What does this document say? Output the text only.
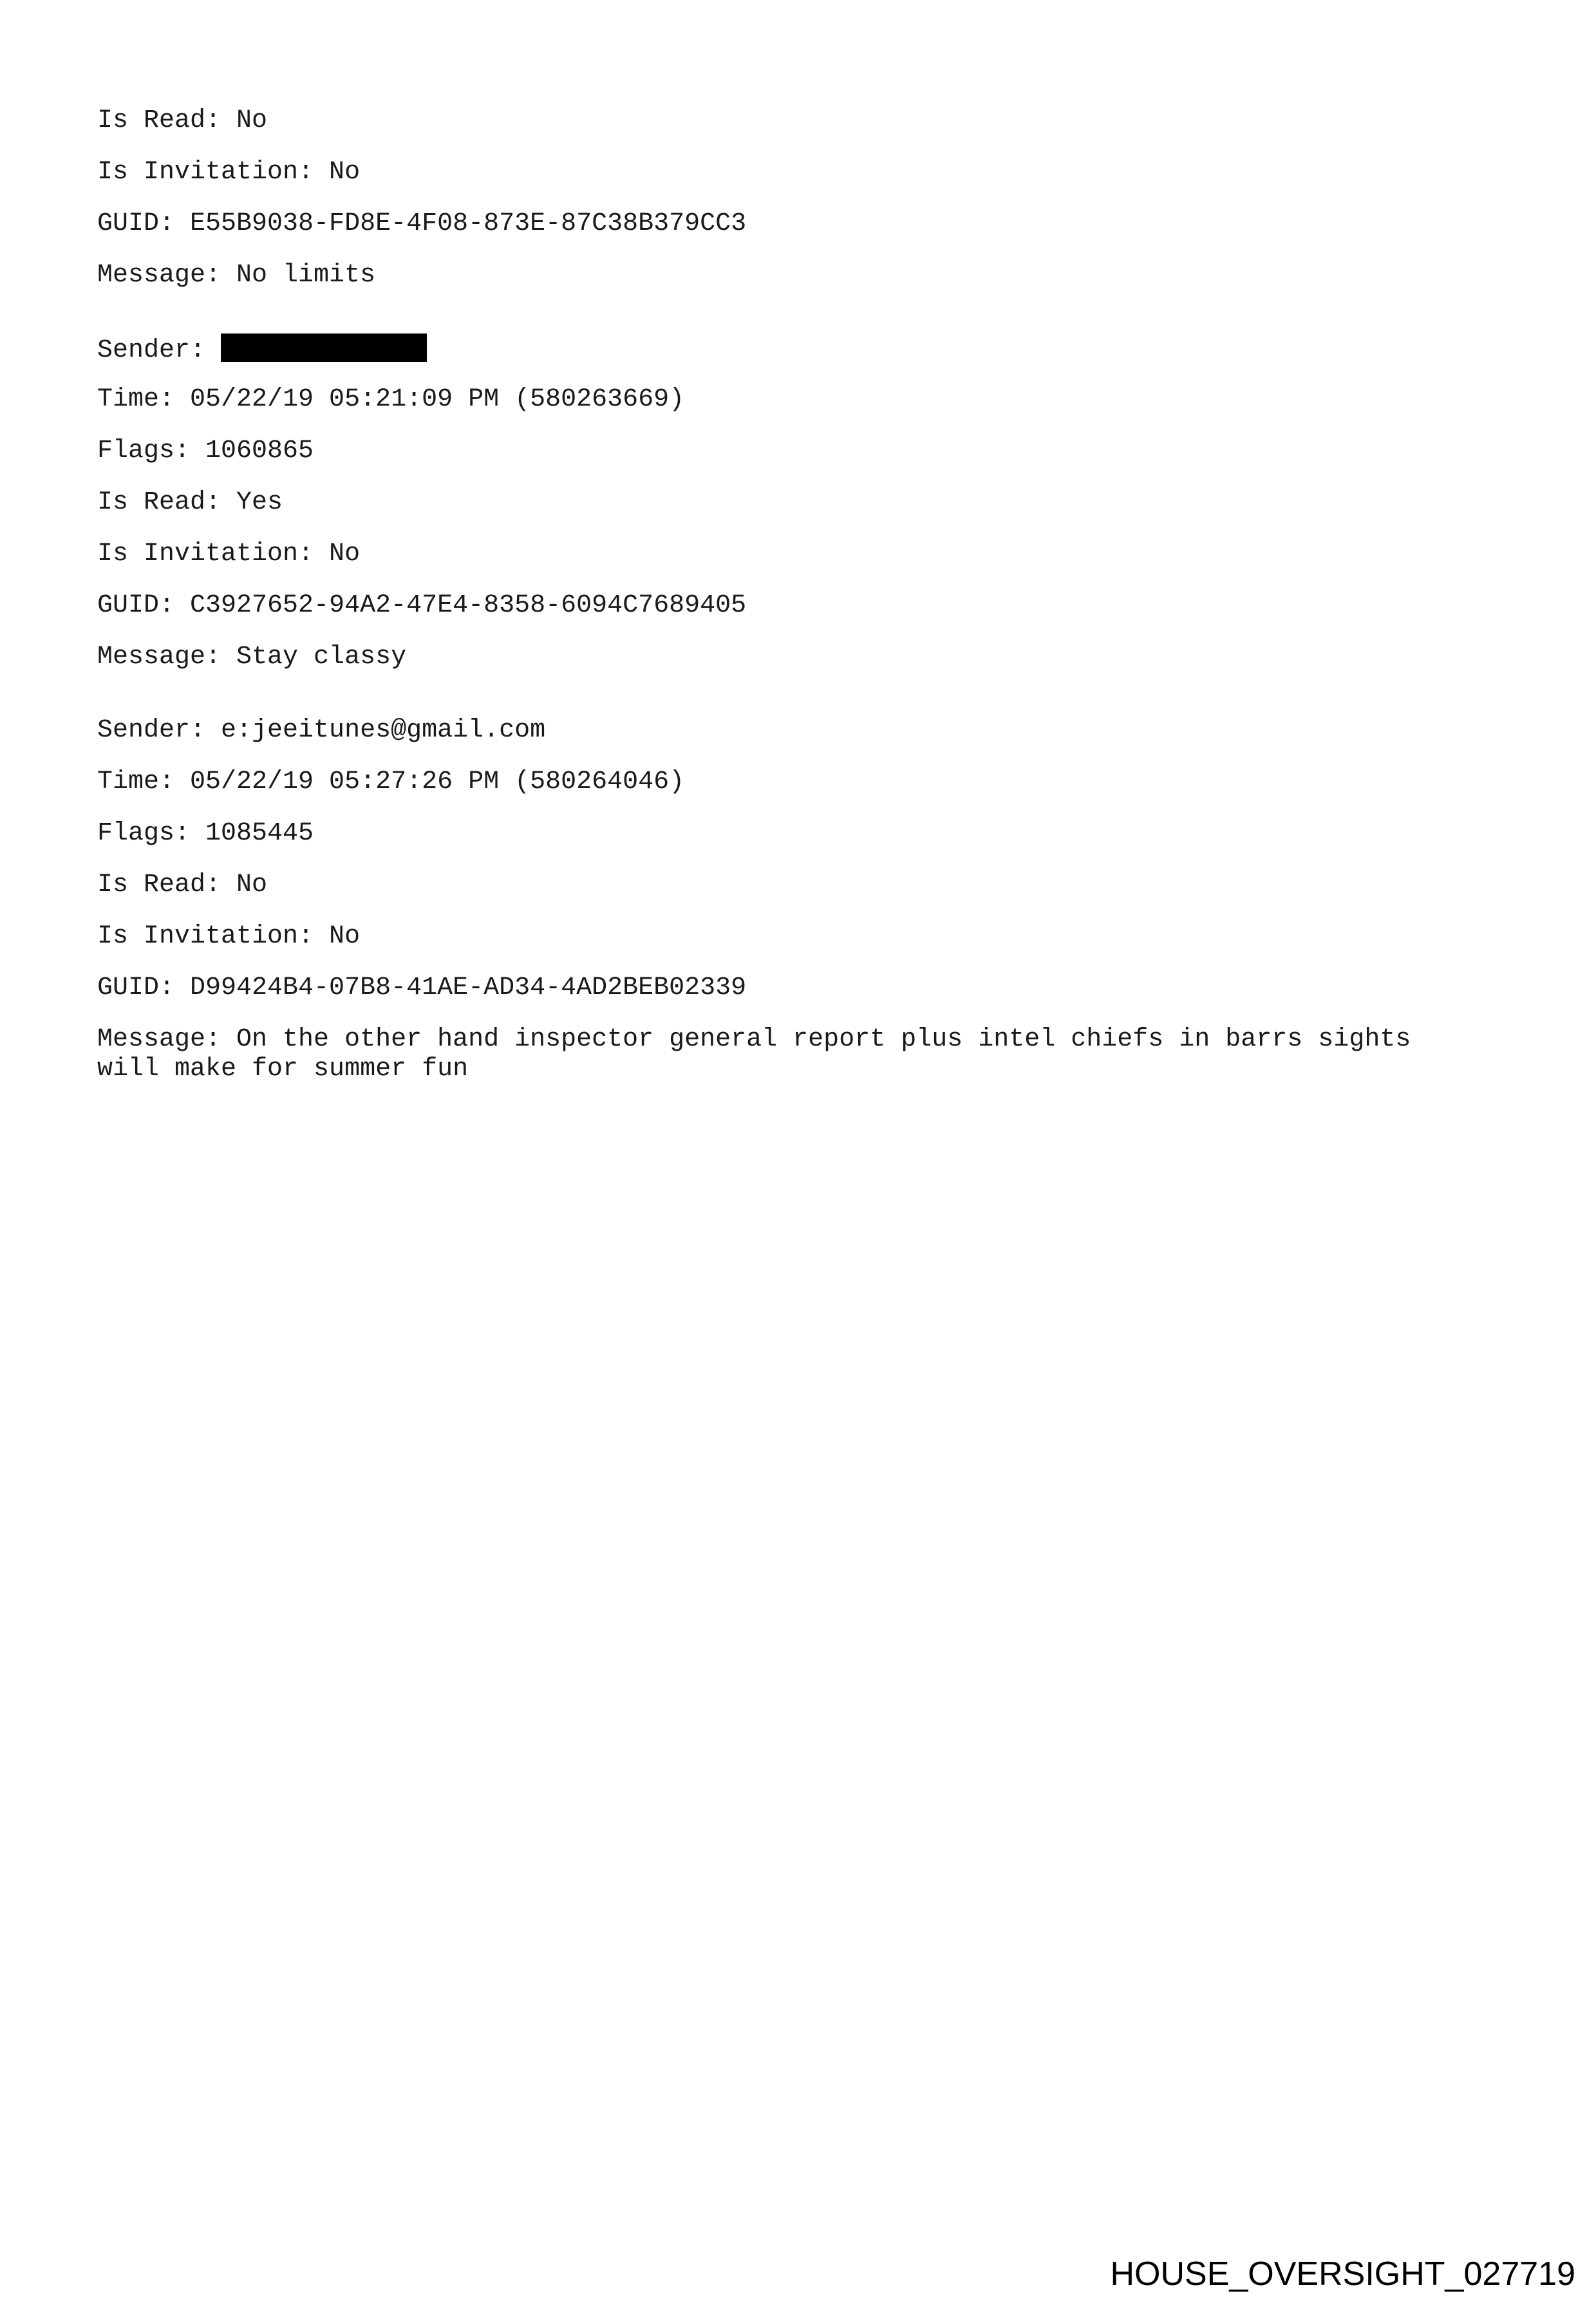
Is Read: No

Is Invitation: No

GUID: E55B9038-FD8E-4F08-873E-87C38B379CC3

Message: No limits

Sender:

Time: 05/22/19 05:21:09 PM (580263669)

Flags: 1060865

Is Read: Yes

Is Invitation: No

GUID: C3927652-94A2-47E4-8358-6094C7689405

Message: Stay classy

Sender: e:jeeitunes@gmail.com

Time: 05/22/19 05:27:26 PM (580264046)

Flags: 1085445

Is Read: No

Is Invitation: No

GUID: D99424B4-07B8-41AE-AD34-4AD2BEB02339

Message: On the other hand inspector general report plus intel chiefs in barrs sights
will make for summer fun

HOUSE_OVERSIGHT_027719
